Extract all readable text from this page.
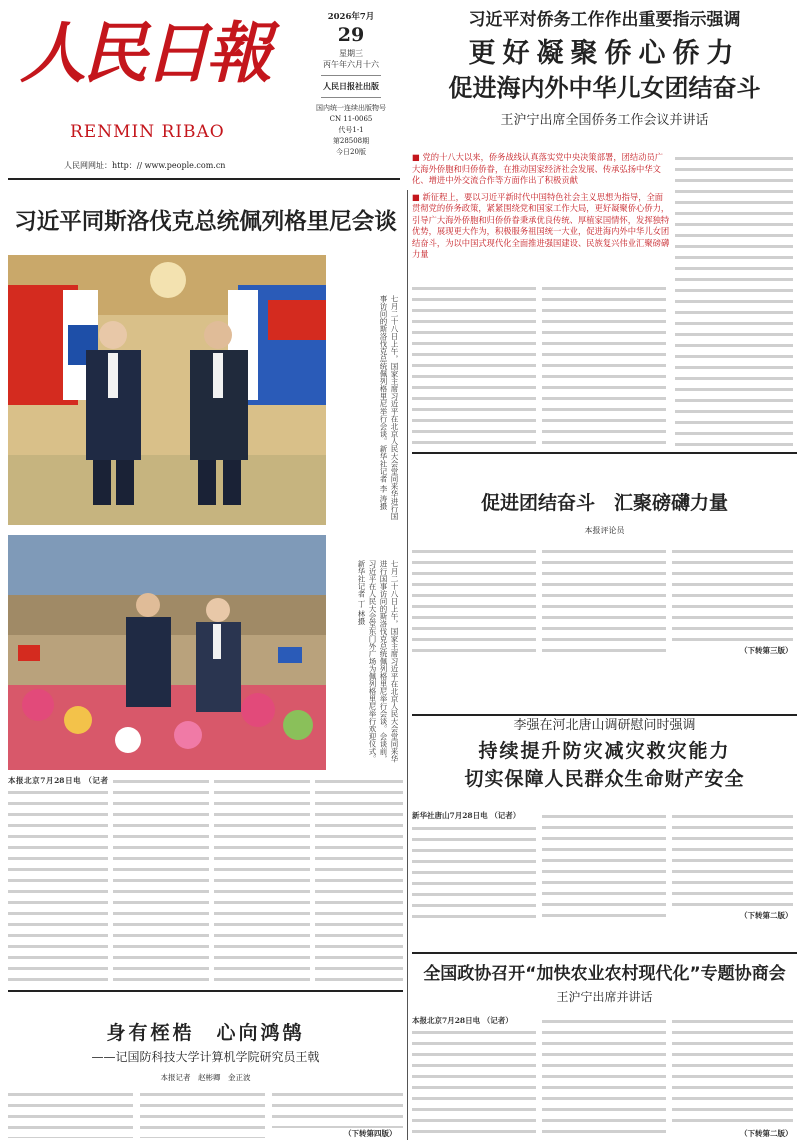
人民日報
RENMIN RIBAO
人民网网址：http：// www.people.com.cn
2026年7月
29
星期三
丙午年六月十六
人民日报社出版
国内统一连续出版物号
CN 11-0065
代号1-1
第28508期
今日20版
习近平对侨务工作作出重要指示强调
更好凝聚侨心侨力
促进海内外中华儿女团结奋斗
王沪宁出席全国侨务工作会议并讲话
■ 党的十八大以来，侨务战线认真落实党中央决策部署，团结动员广大海外侨胞和归侨侨眷，在推动国家经济社会发展、传承弘扬中华文化、增进中外交流合作等方面作出了积极贡献
■ 新征程上，要以习近平新时代中国特色社会主义思想为指导，全面贯彻党的侨务政策，紧紧围绕党和国家工作大局，更好凝聚侨心侨力，引导广大海外侨胞和归侨侨眷秉承优良传统、厚植家国情怀，发挥独特优势，展现更大作为，积极服务祖国统一大业，促进海内外中华儿女团结奋斗，为以中国式现代化全面推进强国建设、民族复兴伟业汇聚磅礴力量
习近平同斯洛伐克总统佩列格里尼会谈
七月二十八日上午，国家主席习近平在北京人民大会堂同来华进行国事访问的斯洛伐克总统佩列格里尼举行会谈。新华社记者 李 涛摄
七月二十八日上午，国家主席习近平在北京人民大会堂同来华进行国事访问的斯洛伐克总统佩列格里尼举行会谈。会谈前，习近平在人民大会堂东门外广场为佩列格里尼举行欢迎仪式。新华社记者 丁 林摄
本报北京7月28日电 （记者
身有桎梏　心向鸿鹄
——记国防科技大学计算机学院研究员王戟
本报记者　赵彬卿　金正波
（下转第四版）
促进团结奋斗　汇聚磅礴力量
本报评论员
（下转第三版）
李强在河北唐山调研慰问时强调
持续提升防灾减灾救灾能力
切实保障人民群众生命财产安全
新华社唐山7月28日电 （记者）
（下转第二版）
全国政协召开“加快农业农村现代化”专题协商会
王沪宁出席并讲话
本报北京7月28日电 （记者）
（下转第二版）
